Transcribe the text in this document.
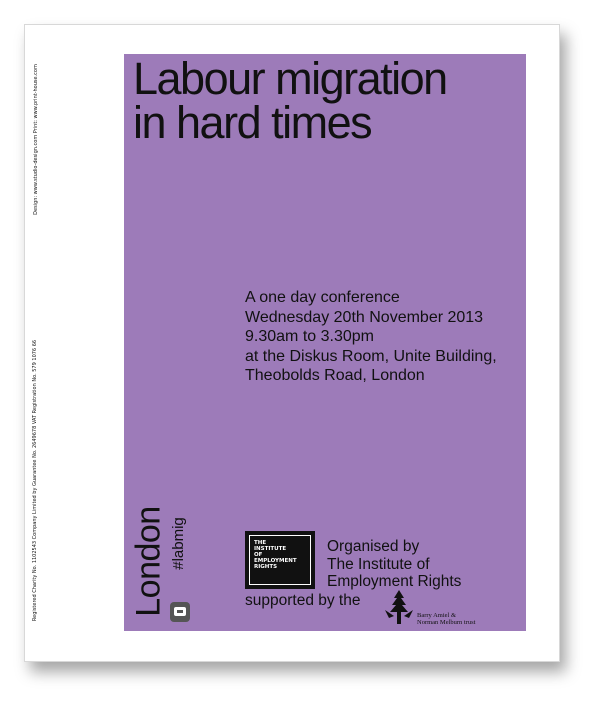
Design: www.studio-design.com Print: www.print-house.com
Registered Charity No. 1102543 Company Limited by Guarantee No. 2649678 VAT Registration No. 579 1076 66
Labour migration
in hard times
A one day conference
Wednesday 20th November 2013
9.30am to 3.30pm
at the Diskus Room, Unite Building,
Theobolds Road, London
London #labmig	THE
INSTITUTE
OF
EMPLOYMENT
RIGHTS
Organised by
The Institute of
Employment Rights
supported by the
Barry Amiel &
Norman Melburn trust
